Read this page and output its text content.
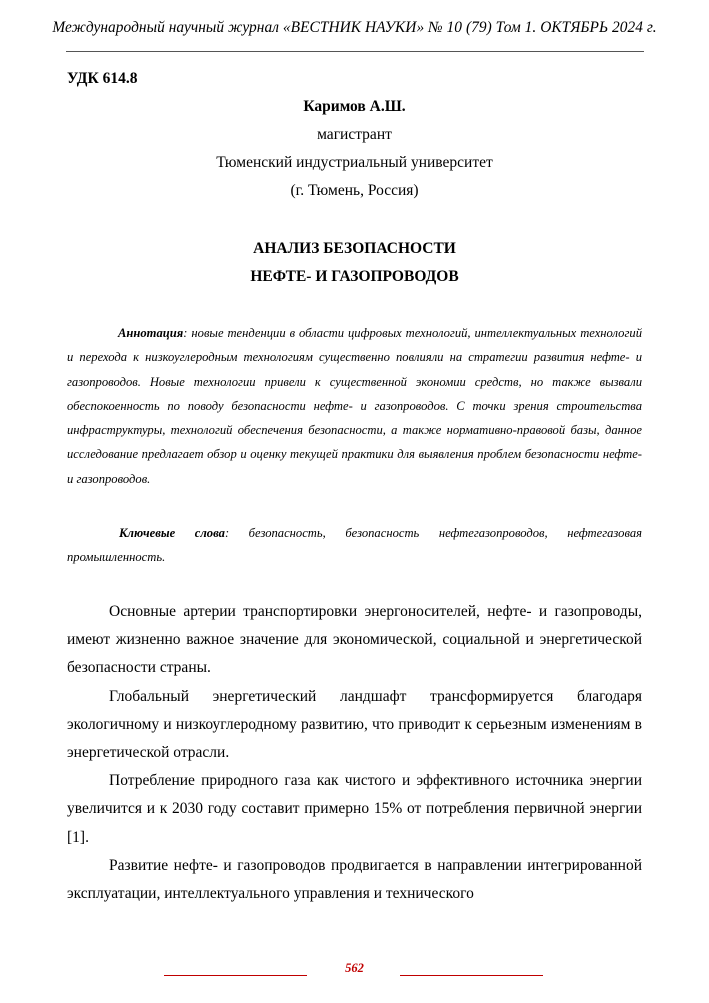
Международный научный журнал «ВЕСТНИК НАУКИ» № 10 (79) Том 1. ОКТЯБРЬ 2024 г.
УДК 614.8
Каримов А.Ш.
магистрант
Тюменский индустриальный университет
(г. Тюмень, Россия)
АНАЛИЗ БЕЗОПАСНОСТИ
НЕФТЕ- И ГАЗОПРОВОДОВ
Аннотация: новые тенденции в области цифровых технологий, интеллектуальных технологий и перехода к низкоуглеродным технологиям существенно повлияли на стратегии развития нефте- и газопроводов. Новые технологии привели к существенной экономии средств, но также вызвали обеспокоенность по поводу безопасности нефте- и газопроводов. С точки зрения строительства инфраструктуры, технологий обеспечения безопасности, а также нормативно-правовой базы, данное исследование предлагает обзор и оценку текущей практики для выявления проблем безопасности нефте- и газопроводов.
Ключевые слова: безопасность, безопасность нефтегазопроводов, нефтегазовая промышленность.

Основные артерии транспортировки энергоносителей, нефте- и газопроводы, имеют жизненно важное значение для экономической, социальной и энергетической безопасности страны.

Глобальный энергетический ландшафт трансформируется благодаря экологичному и низкоуглеродному развитию, что приводит к серьезным изменениям в энергетической отрасли.

Потребление природного газа как чистого и эффективного источника энергии увеличится и к 2030 году составит примерно 15% от потребления первичной энергии [1].

Развитие нефте- и газопроводов продвигается в направлении интегрированной эксплуатации, интеллектуального управления и технического

562
